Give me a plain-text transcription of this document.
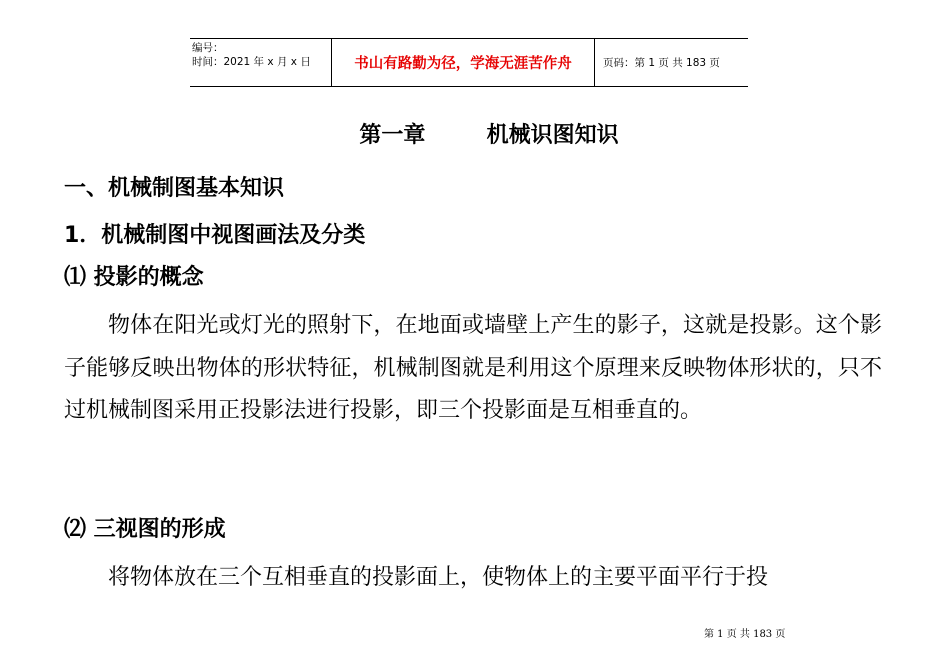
编号：
时间：2021 年 x 月 x 日	书山有路勤为径，学海无涯苦作舟	页码：第 1 页 共 183 页
第一章        机械识图知识
一、机械制图基本知识
1．机械制图中视图画法及分类
⑴ 投影的概念
物体在阳光或灯光的照射下，在地面或墙壁上产生的影子，这就是投影。这个影子能够反映出物体的形状特征，机械制图就是利用这个原理来反映物体形状的，只不过机械制图采用正投影法进行投影，即三个投影面是互相垂直的。
⑵ 三视图的形成
将物体放在三个互相垂直的投影面上，使物体上的主要平面平行于投
第 1 页 共 183 页
